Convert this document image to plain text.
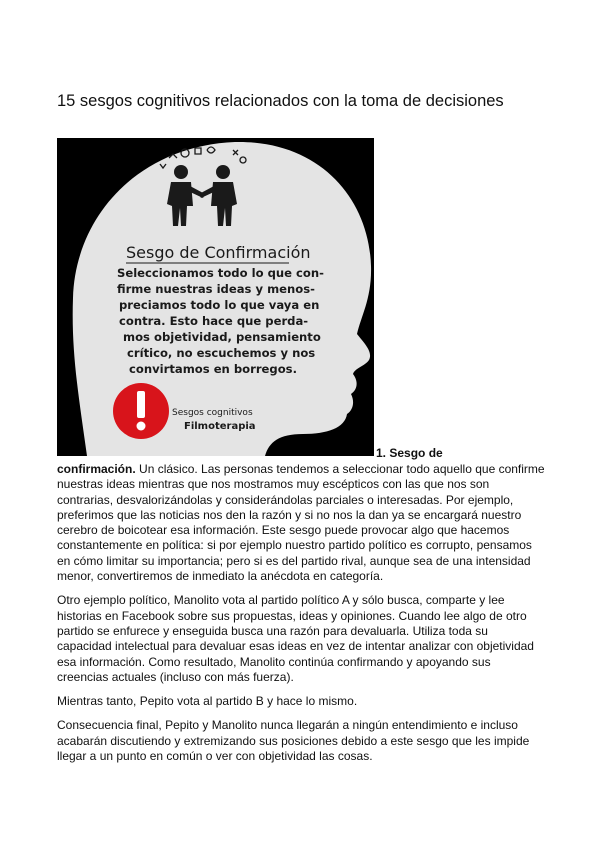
15 sesgos cognitivos relacionados con la toma de decisiones
Sesgo de Confirmación
Seleccionamos todo lo que con-
firme nuestras ideas y menos-
preciamos todo lo que vaya en
contra. Esto hace que perda-
mos objetividad, pensamiento
crítico, no escuchemos y nos
convirtamos en borregos.
Sesgos cognitivos
Filmoterapia
1. Sesgo de

confirmación. Un clásico. Las personas tendemos a seleccionar todo aquello que confirme nuestras ideas mientras que nos mostramos muy escépticos con las que nos son contrarias, desvalorizándolas y considerándolas parciales o interesadas. Por ejemplo, preferimos que las noticias nos den la razón y si no nos la dan ya se encargará nuestro cerebro de boicotear esa información. Este sesgo puede provocar algo que hacemos constantemente en política: si por ejemplo nuestro partido político es corrupto, pensamos en cómo limitar su importancia; pero si es del partido rival, aunque sea de una intensidad menor, convertiremos de inmediato la anécdota en categoría.

Otro ejemplo político, Manolito vota al partido político A y sólo busca, comparte y lee historias en Facebook sobre sus propuestas, ideas y opiniones. Cuando lee algo de otro partido se enfurece y enseguida busca una razón para devaluarla. Utiliza toda su capacidad intelectual para devaluar esas ideas en vez de intentar analizar con objetividad esa información. Como resultado, Manolito continúa confirmando y apoyando sus creencias actuales (incluso con más fuerza).

Mientras tanto, Pepito vota al partido B y hace lo mismo.

Consecuencia final, Pepito y Manolito nunca llegarán a ningún entendimiento e incluso acabarán discutiendo y extremizando sus posiciones debido a este sesgo que les impide llegar a un punto en común o ver con objetividad las cosas.
